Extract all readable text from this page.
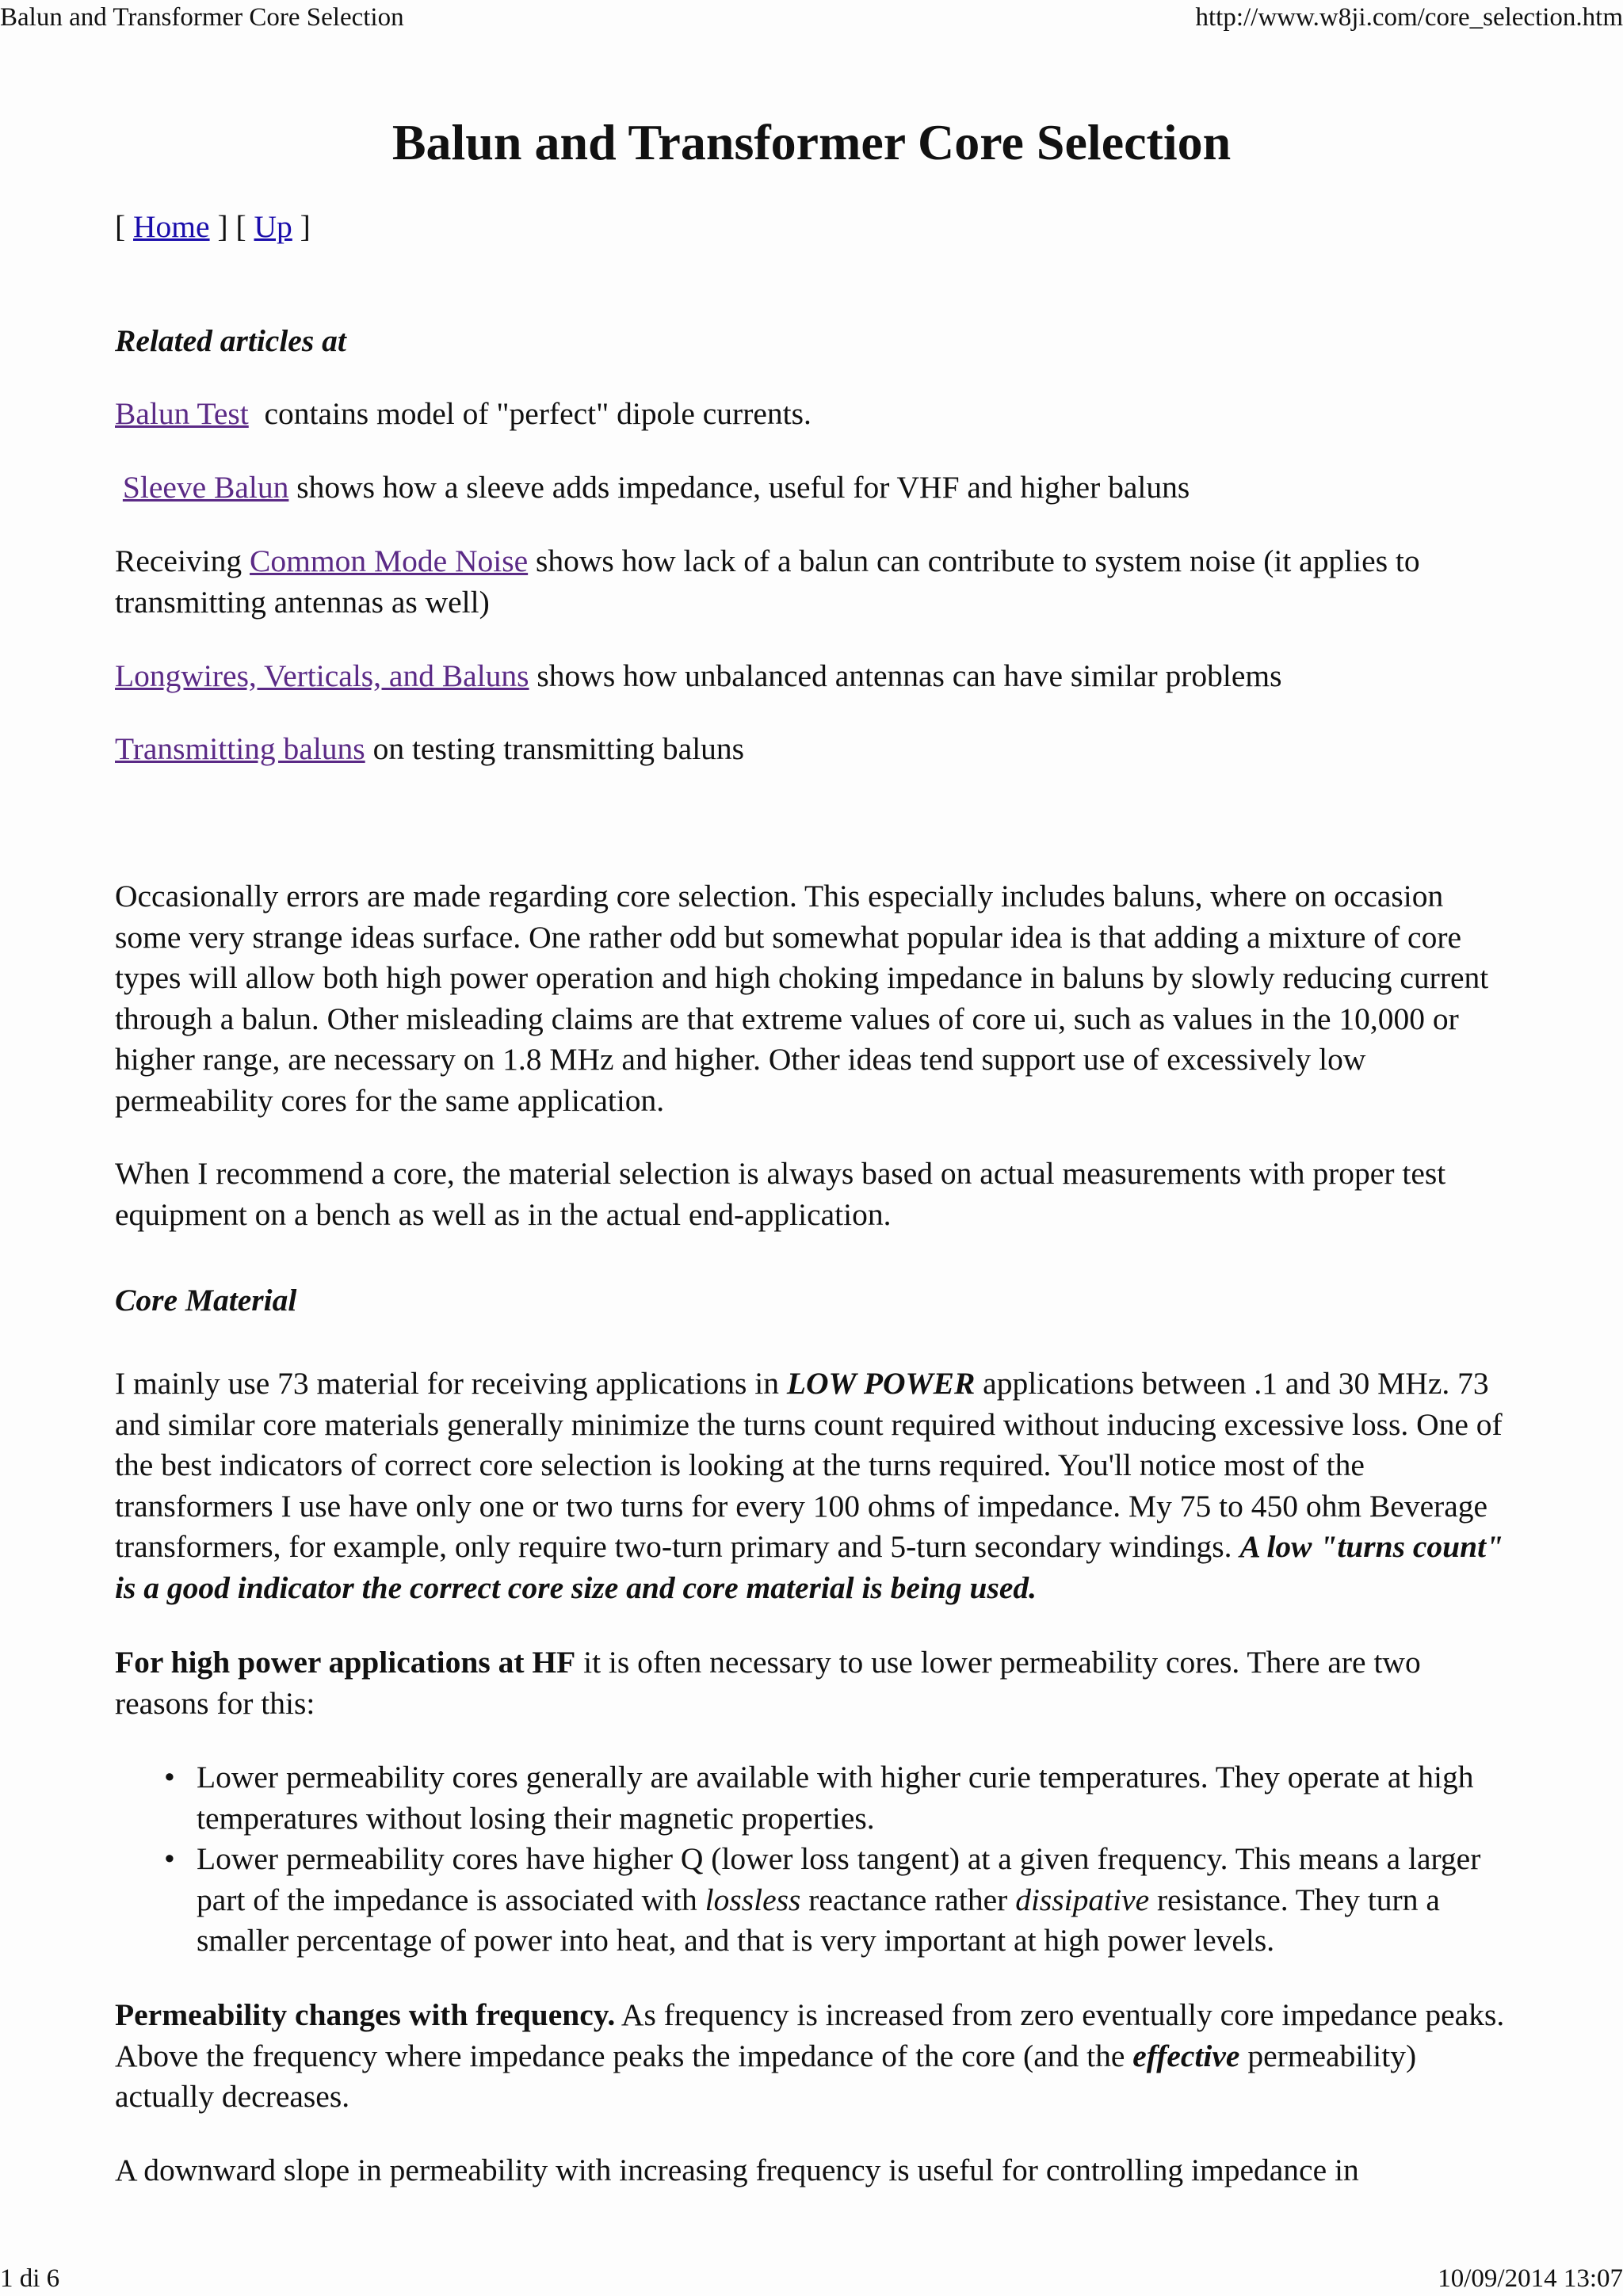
Balun and Transformer Core Selection	http://www.w8ji.com/core_selection.htm
Balun and Transformer Core Selection

[ Home ] [ Up ]

Related articles at

Balun Test  contains model of "perfect" dipole currents.

Sleeve Balun shows how a sleeve adds impedance, useful for VHF and higher baluns

Receiving Common Mode Noise shows how lack of a balun can contribute to system noise (it applies to transmitting antennas as well)

Longwires, Verticals, and Baluns shows how unbalanced antennas can have similar problems

Transmitting baluns on testing transmitting baluns

Occasionally errors are made regarding core selection. This especially includes baluns, where on occasion some very strange ideas surface. One rather odd but somewhat popular idea is that adding a mixture of core types will allow both high power operation and high choking impedance in baluns by slowly reducing current through a balun. Other misleading claims are that extreme values of core ui, such as values in the 10,000 or higher range, are necessary on 1.8 MHz and higher. Other ideas tend support use of excessively low permeability cores for the same application.

When I recommend a core, the material selection is always based on actual measurements with proper test equipment on a bench as well as in the actual end-application.

Core Material

I mainly use 73 material for receiving applications in LOW POWER applications between .1 and 30 MHz. 73 and similar core materials generally minimize the turns count required without inducing excessive loss. One of the best indicators of correct core selection is looking at the turns required. You'll notice most of the transformers I use have only one or two turns for every 100 ohms of impedance. My 75 to 450 ohm Beverage transformers, for example, only require two-turn primary and 5-turn secondary windings. A low "turns count" is a good indicator the correct core size and core material is being used.

For high power applications at HF it is often necessary to use lower permeability cores. There are two reasons for this:

• Lower permeability cores generally are available with higher curie temperatures. They operate at high temperatures without losing their magnetic properties.
• Lower permeability cores have higher Q (lower loss tangent) at a given frequency. This means a larger part of the impedance is associated with lossless reactance rather dissipative resistance. They turn a smaller percentage of power into heat, and that is very important at high power levels.

Permeability changes with frequency. As frequency is increased from zero eventually core impedance peaks. Above the frequency where impedance peaks the impedance of the core (and the effective permeability) actually decreases.

A downward slope in permeability with increasing frequency is useful for controlling impedance in

1 di 6	10/09/2014 13:07
